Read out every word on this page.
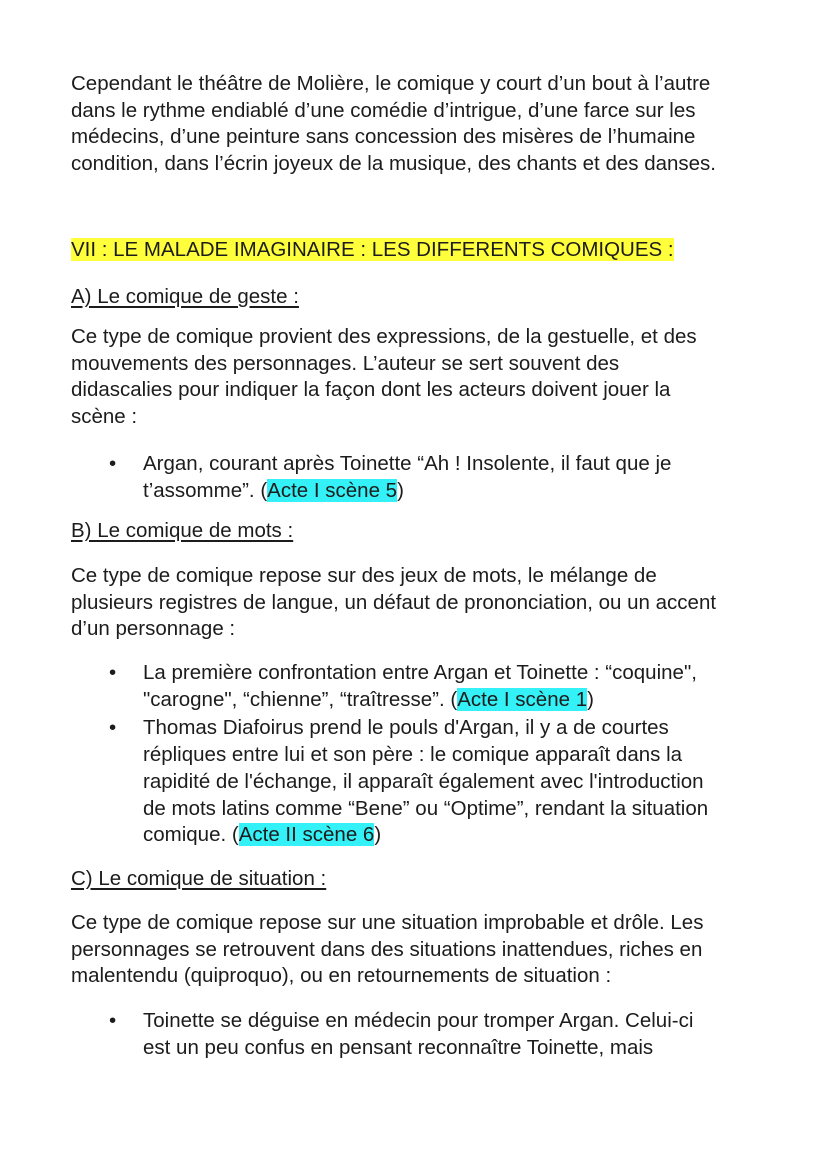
Cependant le théâtre de Molière, le comique y court d’un bout à l’autre

dans le rythme endiablé d’une comédie d’intrigue, d’une farce sur les

médecins, d’une peinture sans concession des misères de l’humaine

condition, dans l’écrin joyeux de la musique, des chants et des danses.

VII : LE MALADE IMAGINAIRE : LES DIFFERENTS COMIQUES :
A) Le comique de geste :

Ce type de comique provient des expressions, de la gestuelle, et des

mouvements des personnages. L’auteur se sert souvent des

didascalies pour indiquer la façon dont les acteurs doivent jouer la

scène :

• Argan, courant après Toinette “Ah ! Insolente, il faut que je

t’assomme”. (Acte I scène 5)

B) Le comique de mots :

Ce type de comique repose sur des jeux de mots, le mélange de

plusieurs registres de langue, un défaut de prononciation, ou un accent

d’un personnage :

• La première confrontation entre Argan et Toinette : “coquine",

"carogne", “chienne”, “traîtresse”. (Acte I scène 1)

• Thomas Diafoirus prend le pouls d'Argan, il y a de courtes

répliques entre lui et son père : le comique apparaît dans la

rapidité de l'échange, il apparaît également avec l'introduction

de mots latins comme “Bene” ou “Optime”, rendant la situation

comique. (Acte II scène 6)

C) Le comique de situation :

Ce type de comique repose sur une situation improbable et drôle. Les

personnages se retrouvent dans des situations inattendues, riches en

malentendu (quiproquo), ou en retournements de situation :

• Toinette se déguise en médecin pour tromper Argan. Celui-ci

est un peu confus en pensant reconnaître Toinette, mais
